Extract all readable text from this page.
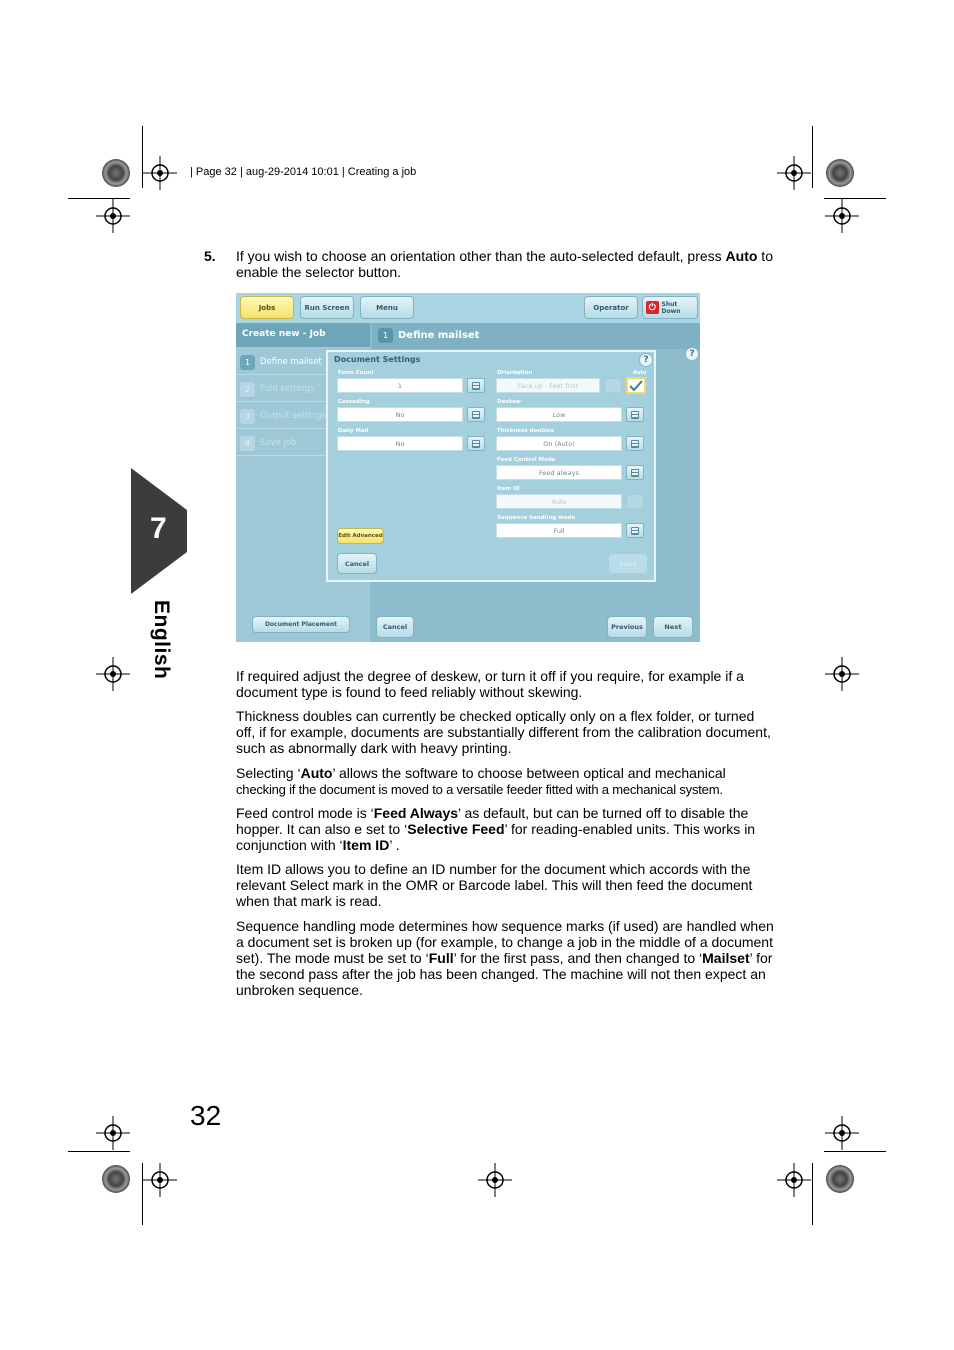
| Page 32 | aug-29-2014 10:01 | Creating a job
7
English
5. If you wish to choose an orientation other than the auto-selected default, press Auto to enable the selector button.
Jobs	Run Screen	Menu	Operator	⏻ Shut Down
Create new - Job
1	Define mailset
2	Fold settings
3	Output settings
4	Save job
1 Define mailset
?
Document Settings	?
Form Count
1
Cascading
No
Daily Mail
No
Orientation	Auto
Face up - Feet first
Deskew
Low
Thickness doubles
On (Auto)
Feed Control Mode
Feed always
Item ID
Auto
Sequence handling mode
Full
Edit Advanced
Cancel	Save
Document Placement	Cancel	Previous	Next
If required adjust the degree of deskew, or turn it off if you require, for example if a document type is found to feed reliably without skewing.
Thickness doubles can currently be checked optically only on a flex folder, or turned off, if for example, documents are substantially different from the calibration document, such as abnormally dark with heavy printing.
Selecting ‘Auto’ allows the software to choose between optical and mechanical
checking if the document is moved to a versatile feeder fitted with a mechanical system.
Feed control mode is ‘Feed Always’ as default, but can be turned off to disable the hopper. It can also e set to ‘Selective Feed’ for reading-enabled units. This works in conjunction with ‘Item ID’ .
Item ID allows you to define an ID number for the document which accords with the relevant Select mark in the OMR or Barcode label. This will then feed the document when that mark is read.
Sequence handling mode determines how sequence marks (if used) are handled when a document set is broken up (for example, to change a job in the middle of a document set). The mode must be set to ‘Full’ for the first pass, and then changed to ‘Mailset’ for the second pass after the job has been changed. The machine will not then expect an unbroken sequence.
32
